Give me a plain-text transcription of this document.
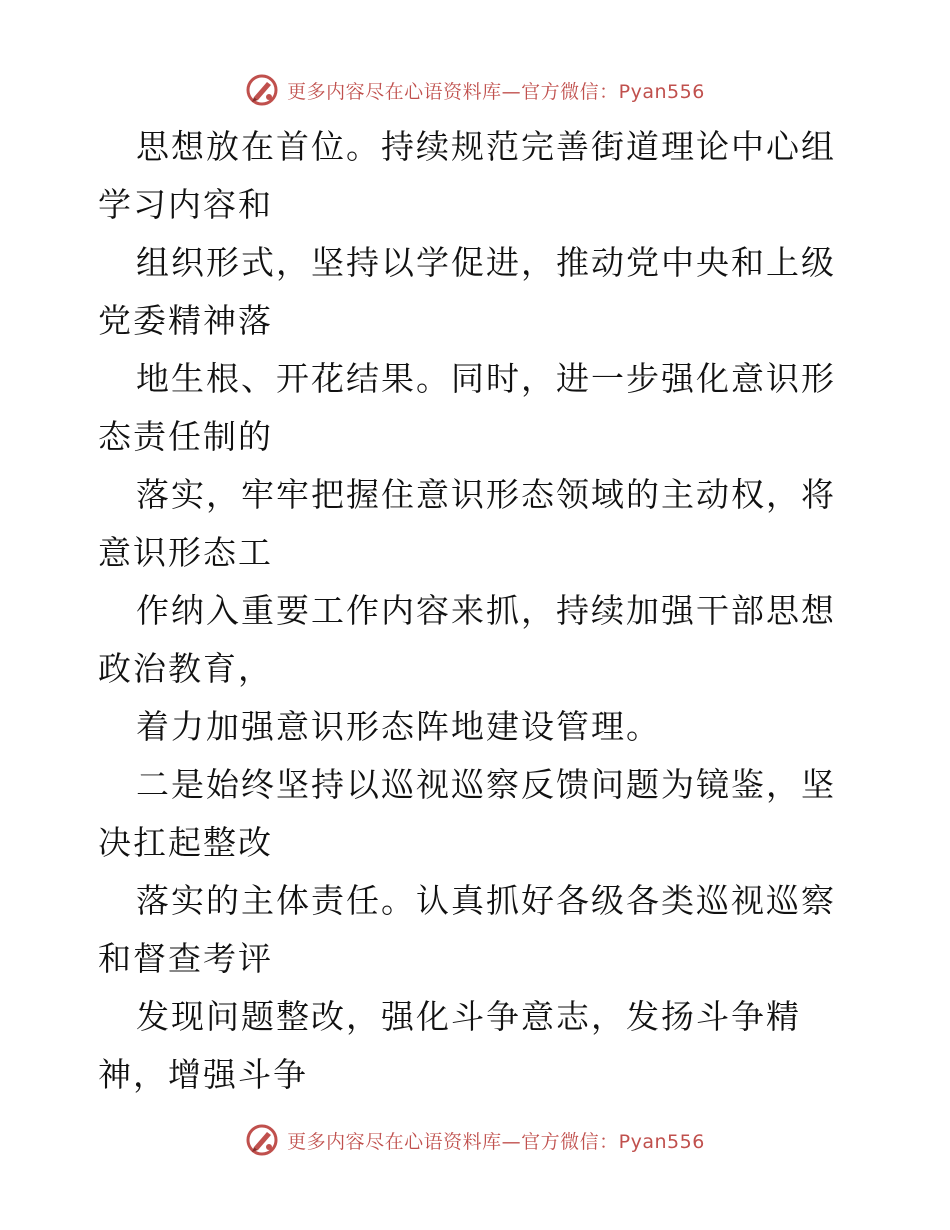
更多内容尽在心语资料库—官方微信：Pyan556

思想放在首位。持续规范完善街道理论中心组学习内容和

组织形式，坚持以学促进，推动党中央和上级党委精神落

地生根、开花结果。同时，进一步强化意识形态责任制的

落实，牢牢把握住意识形态领域的主动权，将意识形态工

作纳入重要工作内容来抓，持续加强干部思想政治教育，

着力加强意识形态阵地建设管理。

二是始终坚持以巡视巡察反馈问题为镜鉴，坚决扛起整改

落实的主体责任。认真抓好各级各类巡视巡察和督查考评

发现问题整改，强化斗争意志，发扬斗争精神，增强斗争

更多内容尽在心语资料库—官方微信：Pyan556
